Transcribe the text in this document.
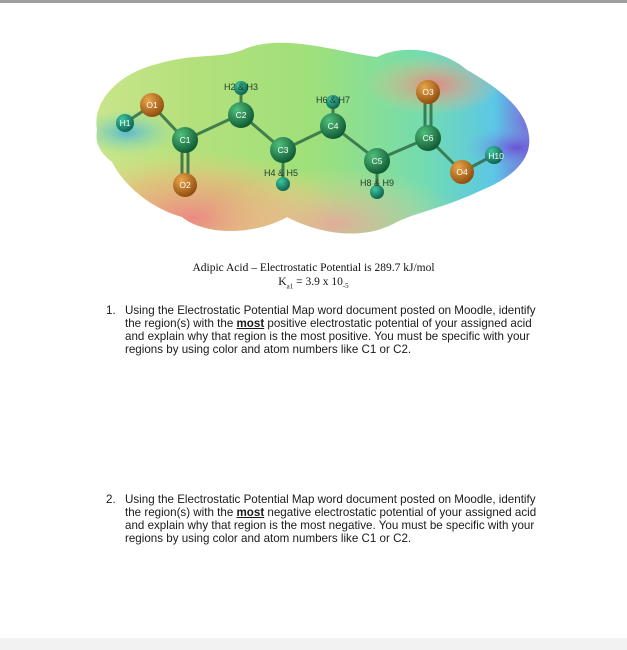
H1
O1
C1
O2
C2
H2 & H3
C3
H4 & H5
C4
H6 & H7
C5
H8 & H9
C6
O3
O4
H10
Adipic Acid – Electrostatic Potential is 289.7 kJ/mol
$K_{a1} = 3.9$ x $10^{-5}$
1. Using the Electrostatic Potential Map word document posted on Moodle, identify the region(s) with the most positive electrostatic potential of your assigned acid and explain why that region is the most positive. You must be specific with your regions by using color and atom numbers like C1 or C2.
2. Using the Electrostatic Potential Map word document posted on Moodle, identify the region(s) with the most negative electrostatic potential of your assigned acid and explain why that region is the most negative. You must be specific with your regions by using color and atom numbers like C1 or C2.
